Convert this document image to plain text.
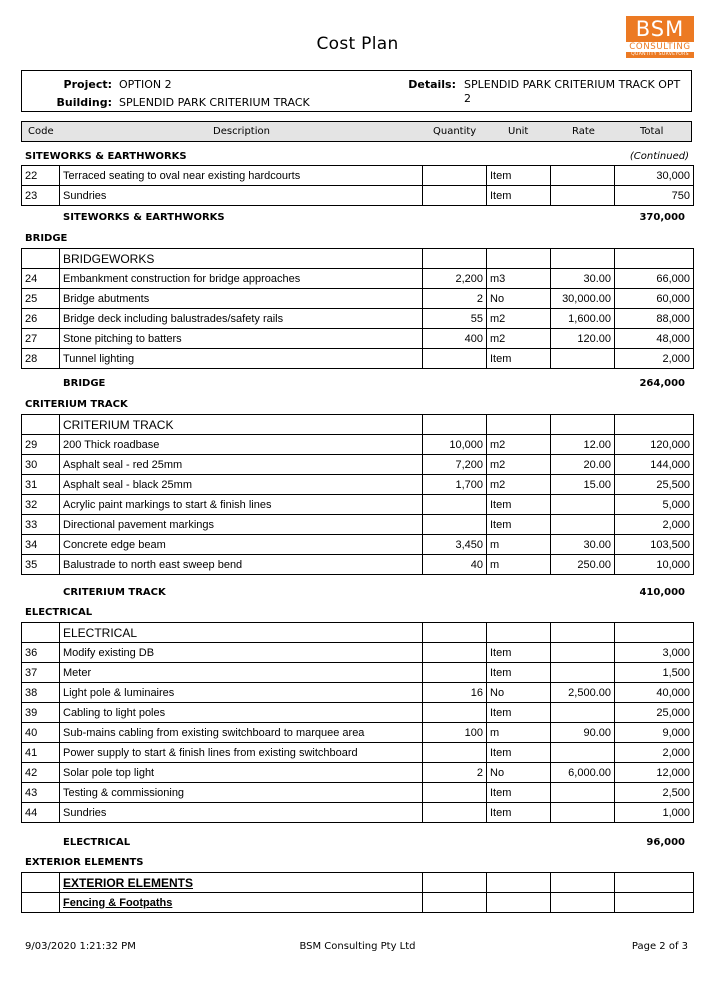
Cost Plan
BSM
CONSULTING
QUANTITY SURVEYORS
Project: OPTION 2
Building: SPLENDID PARK CRITERIUM TRACK
Details: SPLENDID PARK CRITERIUM TRACK OPT
2
Code	Description	Quantity	Unit	Rate	Total
SITEWORKS & EARTHWORKS	(Continued)
22	Terraced seating to oval near existing hardcourts		Item		30,000
23	Sundries		Item		750
SITEWORKS & EARTHWORKS	370,000
BRIDGE
	BRIDGEWORKS				
24	Embankment construction for bridge approaches	2,200	m3	30.00	66,000
25	Bridge abutments	2	No	30,000.00	60,000
26	Bridge deck including balustrades/safety rails	55	m2	1,600.00	88,000
27	Stone pitching to batters	400	m2	120.00	48,000
28	Tunnel lighting		Item		2,000
BRIDGE	264,000
CRITERIUM TRACK
	CRITERIUM TRACK				
29	200 Thick roadbase	10,000	m2	12.00	120,000
30	Asphalt seal - red 25mm	7,200	m2	20.00	144,000
31	Asphalt seal - black 25mm	1,700	m2	15.00	25,500
32	Acrylic paint markings to start & finish lines		Item		5,000
33	Directional pavement markings		Item		2,000
34	Concrete edge beam	3,450	m	30.00	103,500
35	Balustrade to north east sweep bend	40	m	250.00	10,000
CRITERIUM TRACK	410,000
ELECTRICAL
	ELECTRICAL				
36	Modify existing DB		Item		3,000
37	Meter		Item		1,500
38	Light pole & luminaires	16	No	2,500.00	40,000
39	Cabling to light poles		Item		25,000
40	Sub-mains cabling from existing switchboard to marquee area	100	m	90.00	9,000
41	Power supply to start & finish lines from existing switchboard		Item		2,000
42	Solar pole top light	2	No	6,000.00	12,000
43	Testing & commissioning		Item		2,500
44	Sundries		Item		1,000
ELECTRICAL	96,000
EXTERIOR ELEMENTS
	EXTERIOR ELEMENTS				
	Fencing & Footpaths				
9/03/2020 1:21:32 PM	BSM Consulting Pty Ltd	Page 2 of 3
